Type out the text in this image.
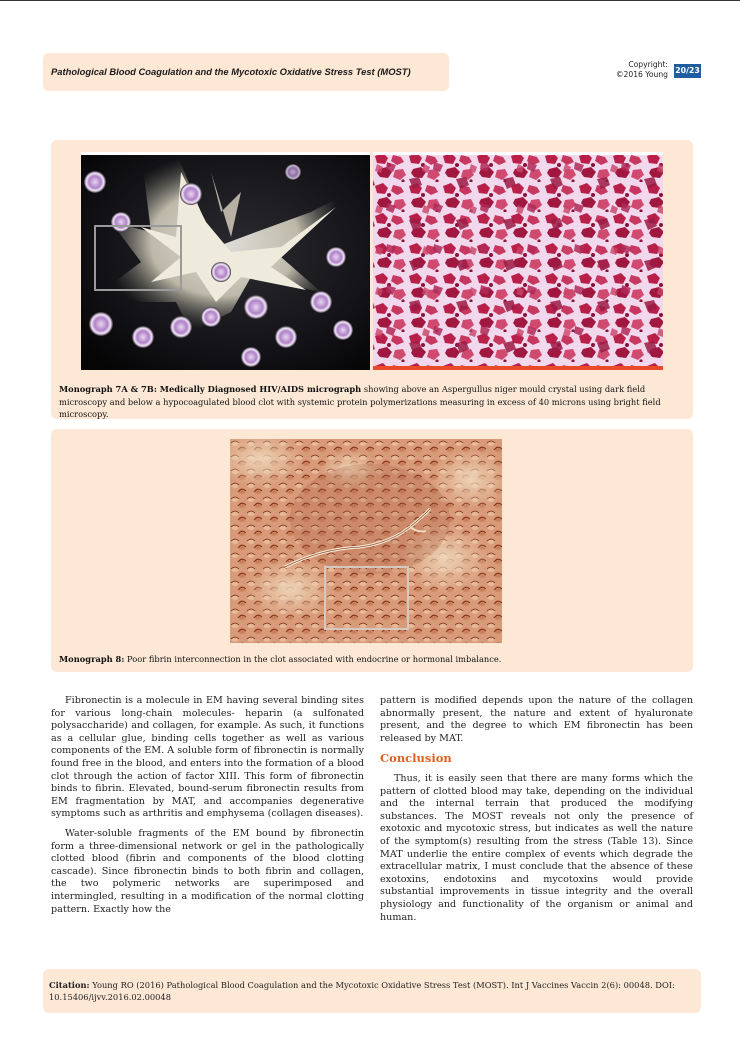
Pathological Blood Coagulation and the Mycotoxic Oxidative Stress Test (MOST)
Copyright:
©2016 Young 20/23
Monograph 7A & 7B: Medically Diagnosed HIV/AIDS micrograph showing above an Aspergullus niger mould crystal using dark field microscopy and below a hypocoagulated blood clot with systemic protein polymerizations measuring in excess of 40 microns using bright field microscopy.
Monograph 8: Poor fibrin interconnection in the clot associated with endocrine or hormonal imbalance.

Fibronectin is a molecule in EM having several binding sites for various long-chain molecules- heparin (a sulfonated polysaccharide) and collagen, for example. As such, it functions as a cellular glue, binding cells together as well as various components of the EM. A soluble form of fibronectin is normally found free in the blood, and enters into the formation of a blood clot through the action of factor XIII. This form of fibronectin binds to fibrin. Elevated, bound-serum fibronectin results from EM fragmentation by MAT, and accompanies degenerative symptoms such as arthritis and emphysema (collagen diseases).

Water-soluble fragments of the EM bound by fibronectin form a three-dimensional network or gel in the pathologically clotted blood (fibrin and components of the blood clotting cascade). Since fibronectin binds to both fibrin and collagen, the two polymeric networks are superimposed and intermingled, resulting in a modification of the normal clotting pattern. Exactly how the

pattern is modified depends upon the nature of the collagen abnormally present, the nature and extent of hyaluronate present, and the degree to which EM fibronectin has been released by MAT.

Conclusion

Thus, it is easily seen that there are many forms which the pattern of clotted blood may take, depending on the individual and the internal terrain that produced the modifying substances. The MOST reveals not only the presence of exotoxic and mycotoxic stress, but indicates as well the nature of the symptom(s) resulting from the stress (Table 13). Since MAT underlie the entire complex of events which degrade the extracellular matrix, I must conclude that the absence of these exotoxins, endotoxins and mycotoxins would provide substantial improvements in tissue integrity and the overall physiology and functionality of the organism or animal and human.

Citation: Young RO (2016) Pathological Blood Coagulation and the Mycotoxic Oxidative Stress Test (MOST). Int J Vaccines Vaccin 2(6): 00048. DOI: 10.15406/ijvv.2016.02.00048
